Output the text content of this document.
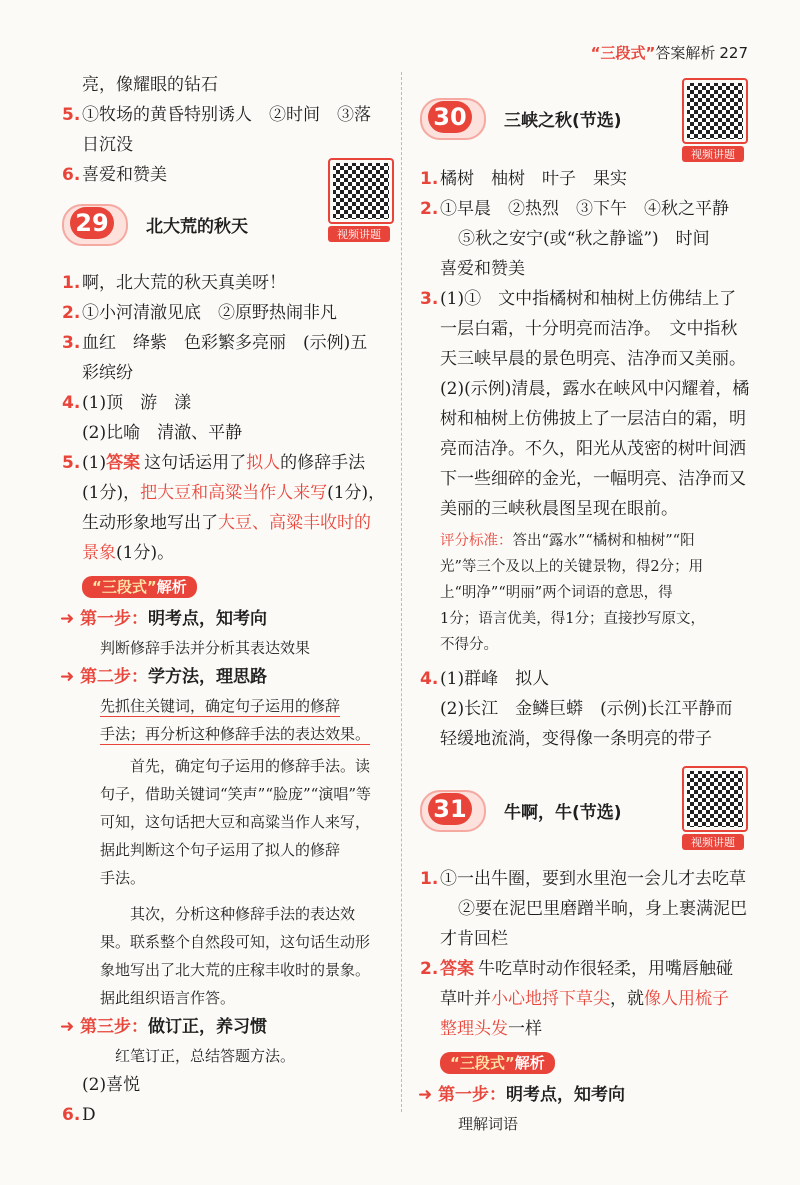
“三段式”答案解析 227
亮，像耀眼的钻石
5. ①牧场的黄昏特别诱人　②时间　③落
日沉没
6. 喜爱和赞美
29	北大荒的秋天	视频讲题
1. 啊，北大荒的秋天真美呀！
2. ①小河清澈见底　②原野热闹非凡
3. 血红　绛紫　色彩繁多亮丽　(示例)五
彩缤纷
4. (1)顶　游　漾
(2)比喻　清澈、平静
5. (1)答案 这句话运用了拟人的修辞手法
(1分)，把大豆和高粱当作人来写(1分)，
生动形象地写出了大豆、高粱丰收时的
景象(1分)。
“三段式”解析
➜ 第一步：明考点，知考向
判断修辞手法并分析其表达效果
➜ 第二步：学方法，理思路
先抓住关键词，确定句子运用的修辞
手法；再分析这种修辞手法的表达效果。
首先，确定句子运用的修辞手法。读
句子，借助关键词“笑声”“脸庞”“演唱”等
可知，这句话把大豆和高粱当作人来写，
据此判断这个句子运用了拟人的修辞
手法。
其次，分析这种修辞手法的表达效
果。联系整个自然段可知，这句话生动形
象地写出了北大荒的庄稼丰收时的景象。
据此组织语言作答。
➜ 第三步：做订正，养习惯
红笔订正，总结答题方法。
(2)喜悦
6. D
30	三峡之秋(节选)
视频讲题
1. 橘树　柚树　叶子　果实
2. ①早晨　②热烈　③下午　④秋之平静
⑤秋之安宁(或“秋之静谧”)　时间
喜爱和赞美
3. (1)①　文中指橘树和柚树上仿佛结上了
一层白霜，十分明亮而洁净。　文中指秋
天三峡早晨的景色明亮、洁净而又美丽。
(2)(示例)清晨，露水在峡风中闪耀着，橘
树和柚树上仿佛披上了一层洁白的霜，明
亮而洁净。不久，阳光从茂密的树叶间洒
下一些细碎的金光，一幅明亮、洁净而又
美丽的三峡秋晨图呈现在眼前。
评分标准：答出“露水”“橘树和柚树”“阳
光”等三个及以上的关键景物，得2分；用
上“明净”“明丽”两个词语的意思，得
1分；语言优美，得1分；直接抄写原文，
不得分。
4. (1)群峰　拟人
(2)长江　金鳞巨蟒　(示例)长江平静而
轻缓地流淌，变得像一条明亮的带子
31	牛啊，牛(节选)
视频讲题
1. ①一出牛圈，要到水里泡一会儿才去吃草
②要在泥巴里磨蹭半晌，身上裹满泥巴
才肯回栏
2. 答案 牛吃草时动作很轻柔，用嘴唇触碰
草叶并小心地捋下草尖，就像人用梳子
整理头发一样
“三段式”解析
➜ 第一步：明考点，知考向
理解词语
